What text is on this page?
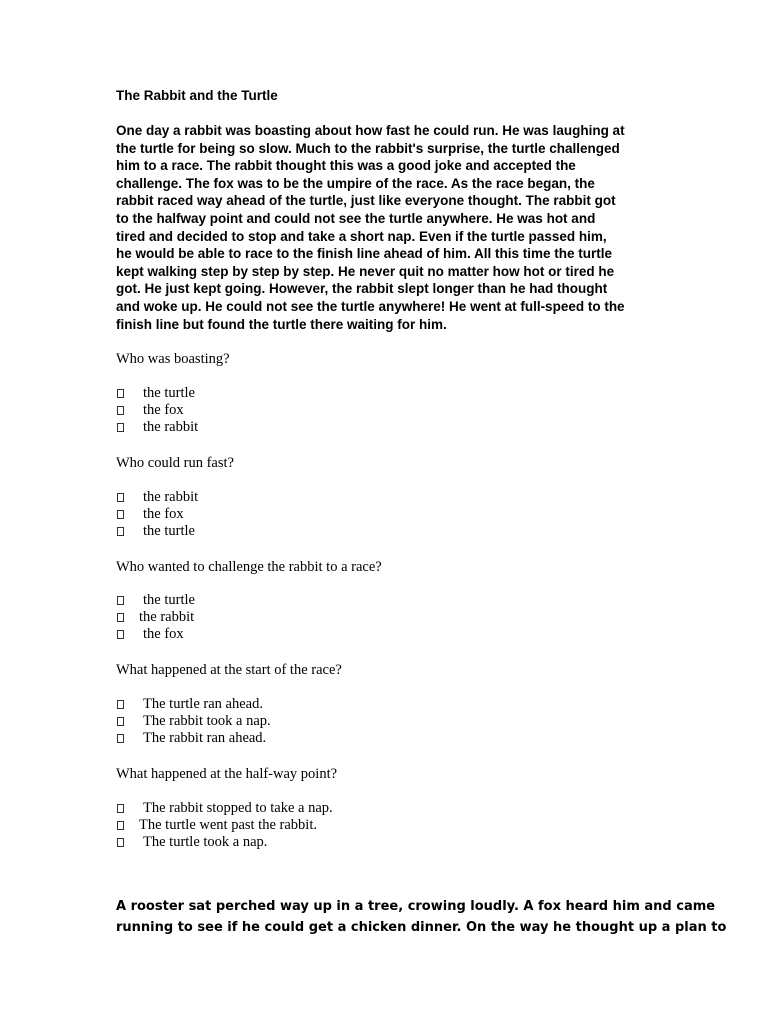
The Rabbit and the Turtle
One day a rabbit was boasting about how fast he could run. He was laughing at
the turtle for being so slow. Much to the rabbit's surprise, the turtle challenged
him to a race. The rabbit thought this was a good joke and accepted the
challenge. The fox was to be the umpire of the race. As the race began, the
rabbit raced way ahead of the turtle, just like everyone thought. The rabbit got
to the halfway point and could not see the turtle anywhere. He was hot and
tired and decided to stop and take a short nap. Even if the turtle passed him,
he would be able to race to the finish line ahead of him. All this time the turtle
kept walking step by step by step. He never quit no matter how hot or tired he
got. He just kept going. However, the rabbit slept longer than he had thought
and woke up. He could not see the turtle anywhere! He went at full-speed to the
finish line but found the turtle there waiting for him.
Who was boasting?
the turtle
the fox
the rabbit
Who could run fast?
the rabbit
the fox
the turtle
Who wanted to challenge the rabbit to a race?
the turtle
the rabbit
the fox
What happened at the start of the race?
The turtle ran ahead.
The rabbit took a nap.
The rabbit ran ahead.
What happened at the half-way point?
The rabbit stopped to take a nap.
The turtle went past the rabbit.
The turtle took a nap.
A rooster sat perched way up in a tree, crowing loudly. A fox heard him and came
running to see if he could get a chicken dinner. On the way he thought up a plan to
